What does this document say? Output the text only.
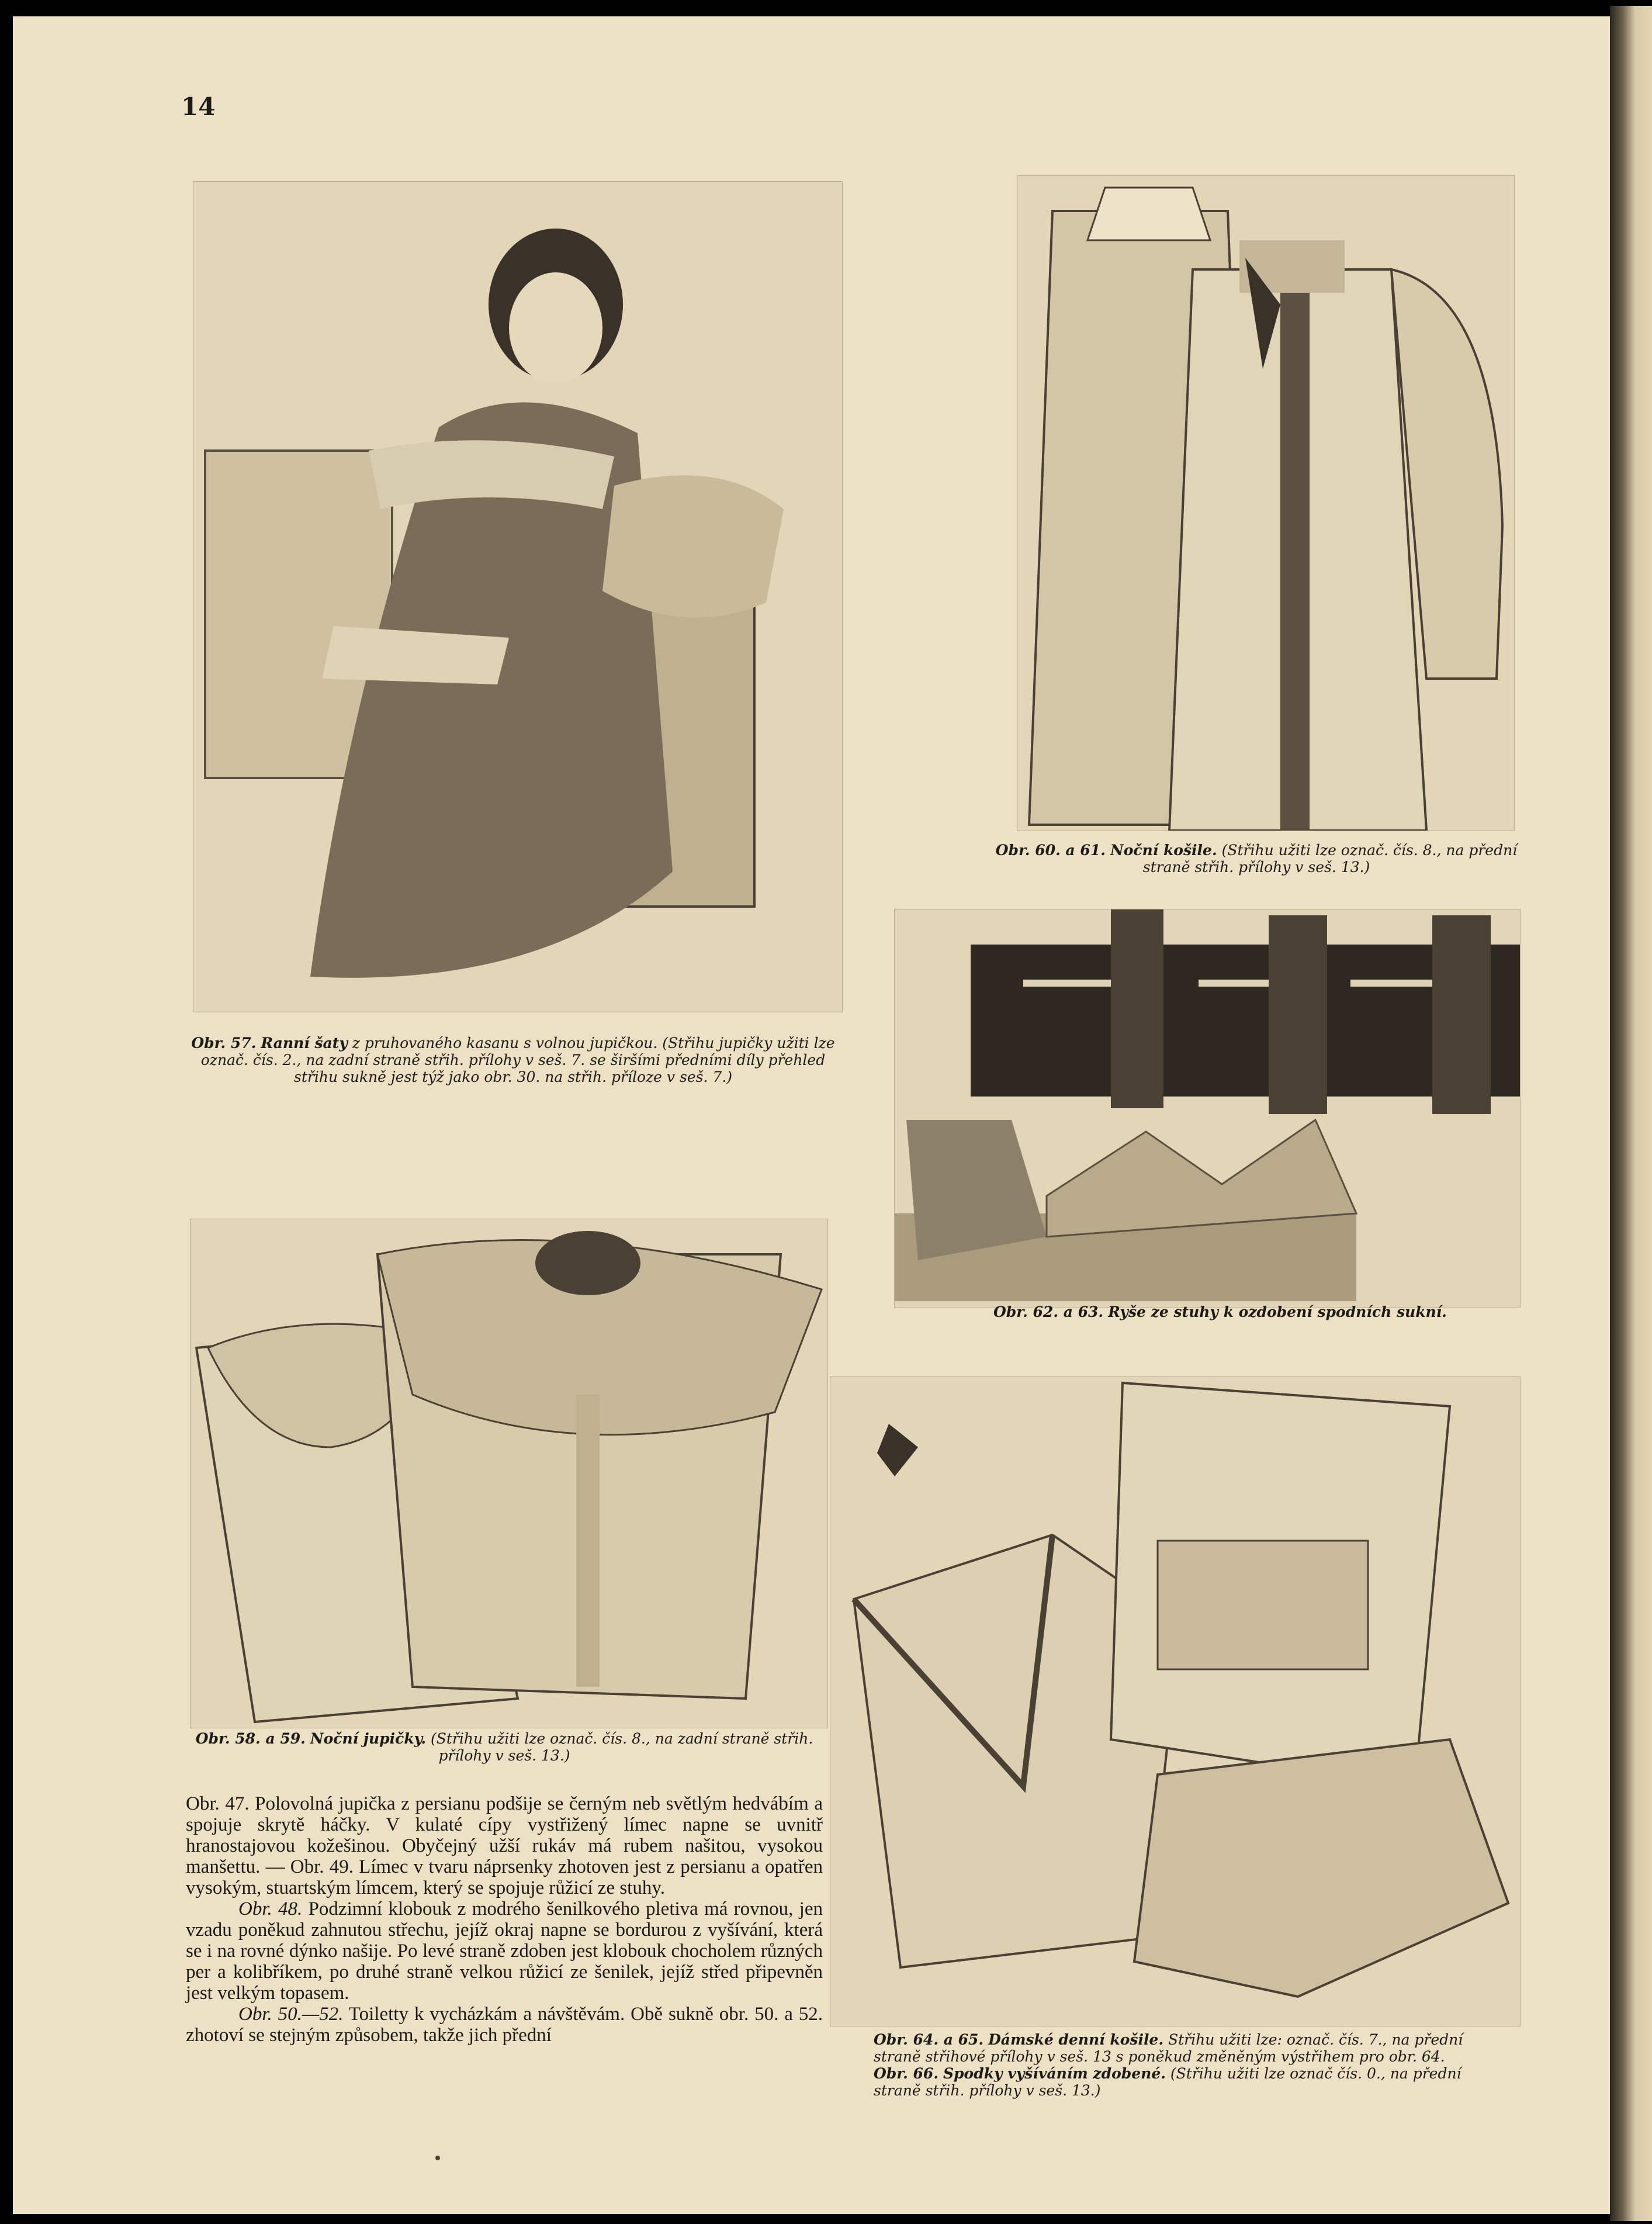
14
Obr. 57. Ranní šaty z pruhovaného kasanu s volnou jupičkou. (Střihu jupičky užiti lze označ. čís. 2., na zadní straně střih. přílohy v seš. 7. se širšími předními díly přehled střihu sukně jest týž jako obr. 30. na střih. příloze v seš. 7.)
Obr. 60. a 61. Noční košile. (Střihu užiti lze označ. čís. 8., na přední straně střih. přílohy v seš. 13.)
Obr. 62. a 63. Ryše ze stuhy k ozdobení spodních sukní.
Obr. 58. a 59. Noční jupičky. (Střihu užiti lze označ. čís. 8., na zadní straně střih. přílohy v seš. 13.)
Obr. 64. a 65. Dámské denní košile. Střihu užiti lze: označ. čís. 7., na přední straně střihové přílohy v seš. 13 s poněkud změněným výstřihem pro obr. 64.
Obr. 66. Spodky vyšíváním zdobené. (Střihu užiti lze označ čís. 0., na přední straně střih. přílohy v seš. 13.)

Obr. 47. Polovolná jupička z persianu podšije se černým neb světlým hedvábím a spojuje skrytě háčky. V kulaté cípy vystřižený límec napne se uvnitř hranostajovou kožešinou. Obyčejný užší rukáv má rubem našitou, vysokou manšettu. — Obr. 49. Límec v tvaru náprsenky zhotoven jest z persianu a opatřen vysokým, stuartským límcem, který se spojuje růžicí ze stuhy.

Obr. 48. Podzimní klobouk z modrého šenilkového pletiva má rovnou, jen vzadu poněkud zahnutou střechu, jejíž okraj napne se bordurou z vyšívání, která se i na rovné dýnko našije. Po levé straně zdoben jest klobouk chocholem různých per a kolibříkem, po druhé straně velkou růžicí ze šenilek, jejíž střed připevněn jest velkým topasem.

Obr. 50.—52. Toiletty k vycházkám a návštěvám. Obě sukně obr. 50. a 52. zhotoví se stejným způsobem, takže jich přední
